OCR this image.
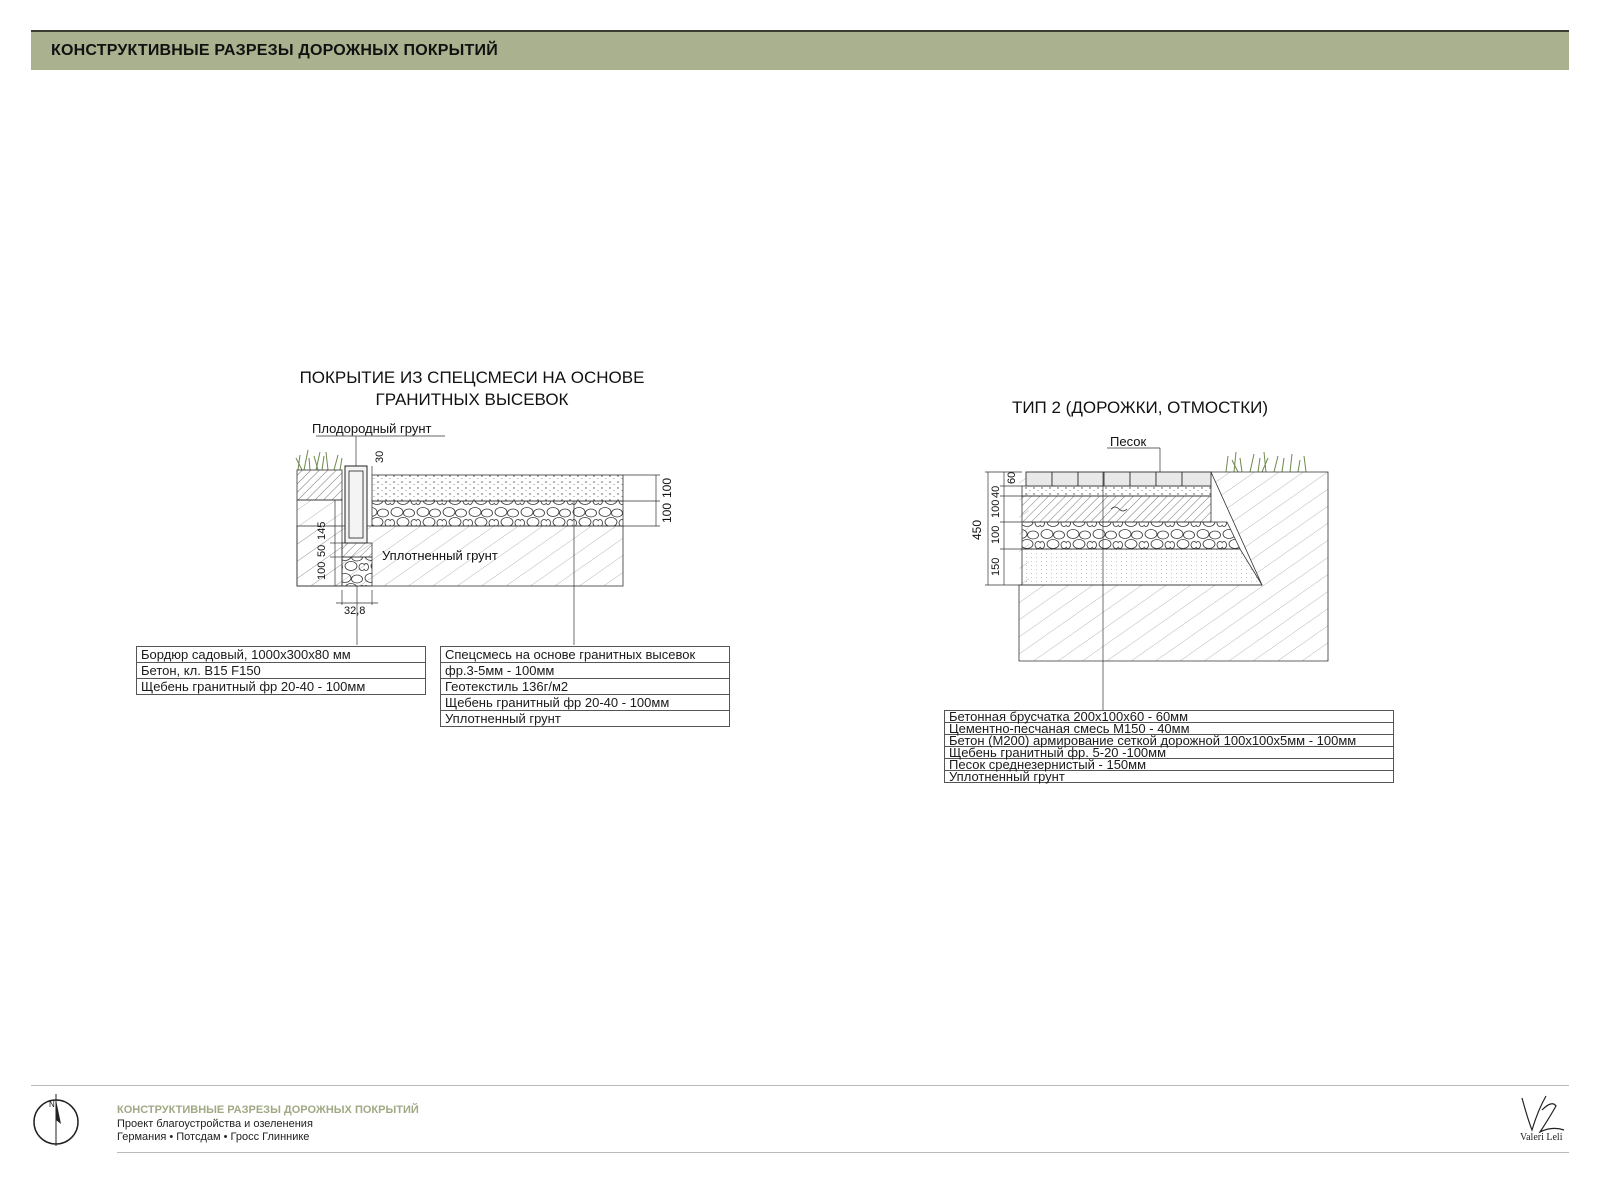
КОНСТРУКТИВНЫЕ РАЗРЕЗЫ ДОРОЖНЫХ ПОКРЫТИЙ
ПОКРЫТИЕ ИЗ СПЕЦСМЕСИ НА ОСНОВЕ
ГРАНИТНЫХ ВЫСЕВОК
Плодородный грунт
Уплотненный грунт
30
100
100
145
50
100
32,8
Бордюр садовый, 1000х300х80 мм
Бетон, кл. В15 F150
Щебень гранитный фр 20-40 - 100мм
Спецсмесь на основе гранитных высевок
фр.3-5мм - 100мм
Геотекстиль 136г/м2
Щебень гранитный фр 20-40 - 100мм
Уплотненный грунт
ТИП 2 (ДОРОЖКИ, ОТМОСТКИ)
Песок
60
40
100
100
150
450
Бетонная брусчатка 200х100х60 - 60мм
Цементно-песчаная смесь М150 - 40мм
Бетон (М200) армирование сеткой дорожной 100х100х5мм - 100мм
Щебень гранитный фр. 5-20 -100мм
Песок среднезернистый - 150мм
Уплотненный грунт
N	КОНСТРУКТИВНЫЕ РАЗРЕЗЫ ДОРОЖНЫХ ПОКРЫТИЙ
Проект благоустройства и озеленения
Германия • Потсдам • Гросс Глиннике	Valeri Leli
